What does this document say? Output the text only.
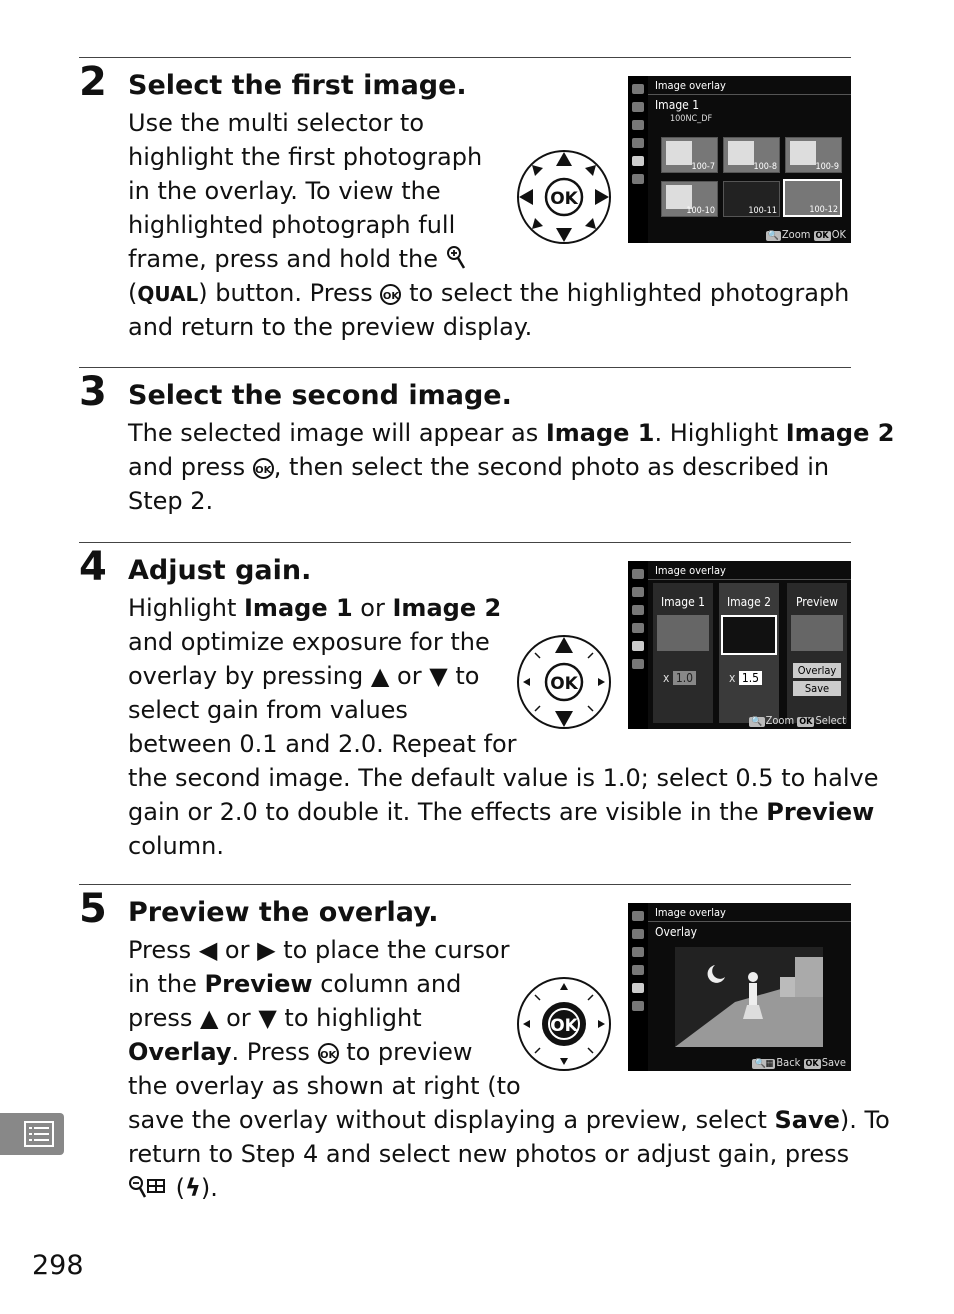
2 Select the first image.
Use the multi selector to
highlight the first photograph
in the overlay. To view the
highlighted photograph full
frame, press and hold the
(QUAL) button. Press OK to select the highlighted photograph
and return to the preview display.
OK
Image overlay
Image 1
100NC_DF
100-7	100-8	100-9
100-10	100-11	100-12
🔍 Zoom OK OK
3 Select the second image.
The selected image will appear as Image 1. Highlight Image 2
and press OK, then select the second photo as described in
Step 2.
4 Adjust gain.
Highlight Image 1 or Image 2
and optimize exposure for the
overlay by pressing ▲ or ▼ to
select gain from values
between 0.1 and 2.0. Repeat for
the second image. The default value is 1.0; select 0.5 to halve
gain or 2.0 to double it. The effects are visible in the Preview
column.
OK
Image overlay
Image 1	Image 2	Preview
x 1.0	x 1.5
Overlay
Save
🔍 Zoom OK Select
5 Preview the overlay.
Press ◀ or ▶ to place the cursor
in the Preview column and
press ▲ or ▼ to highlight
Overlay. Press OK to preview
the overlay as shown at right (to
save the overlay without displaying a preview, select Save). To
return to Step 4 and select new photos or adjust gain, press
(ϟ).
OK
Image overlay
Overlay
🔍▦ Back OK Save
298
